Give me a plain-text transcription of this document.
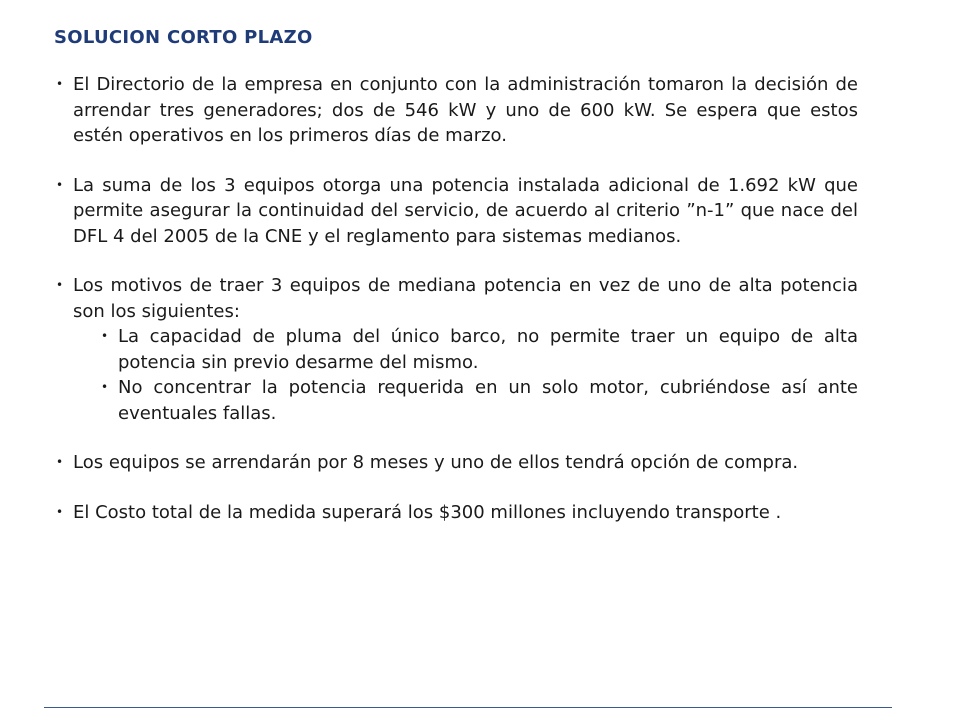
SOLUCION CORTO PLAZO
• El Directorio de la empresa en conjunto con la administración tomaron la decisión de arrendar tres generadores; dos de 546 kW y uno de 600 kW. Se espera que estos estén operativos en los primeros días de marzo.
• La suma de los 3 equipos otorga una potencia instalada adicional de 1.692 kW que permite asegurar la continuidad del servicio, de acuerdo al criterio ”n-1” que nace del DFL 4 del 2005 de la CNE y el reglamento para sistemas medianos.
• Los motivos de traer 3 equipos de mediana potencia en vez de uno de alta potencia son los siguientes:
• La capacidad de pluma del único barco, no permite traer un equipo de alta potencia sin previo desarme del mismo.
• No concentrar la potencia requerida en un solo motor, cubriéndose así ante eventuales fallas.
• Los equipos se arrendarán por 8 meses y uno de ellos tendrá opción de compra.
• El Costo total de la medida superará los $300 millones incluyendo transporte .
